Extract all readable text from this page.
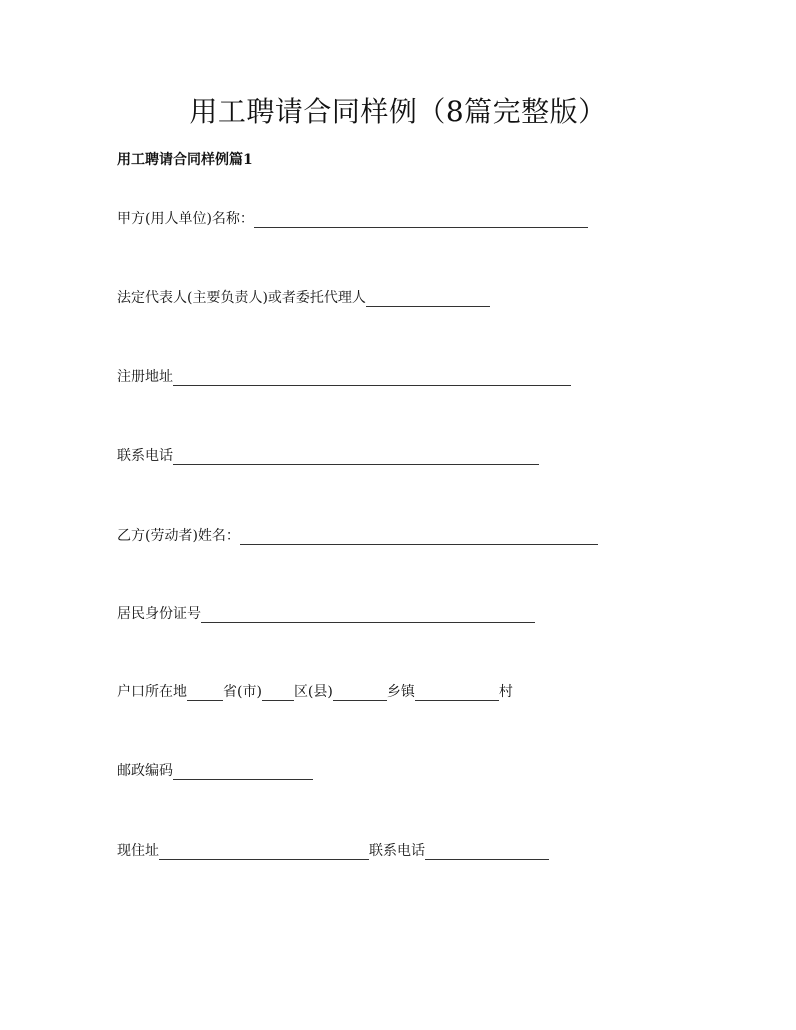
用工聘请合同样例（8篇完整版）
用工聘请合同样例篇1
甲方(用人单位)名称：
法定代表人(主要负责人)或者委托代理人
注册地址
联系电话
乙方(劳动者)姓名：
居民身份证号
户口所在地	省(市) 区(县)	乡镇	村
邮政编码
现住址	联系电话
